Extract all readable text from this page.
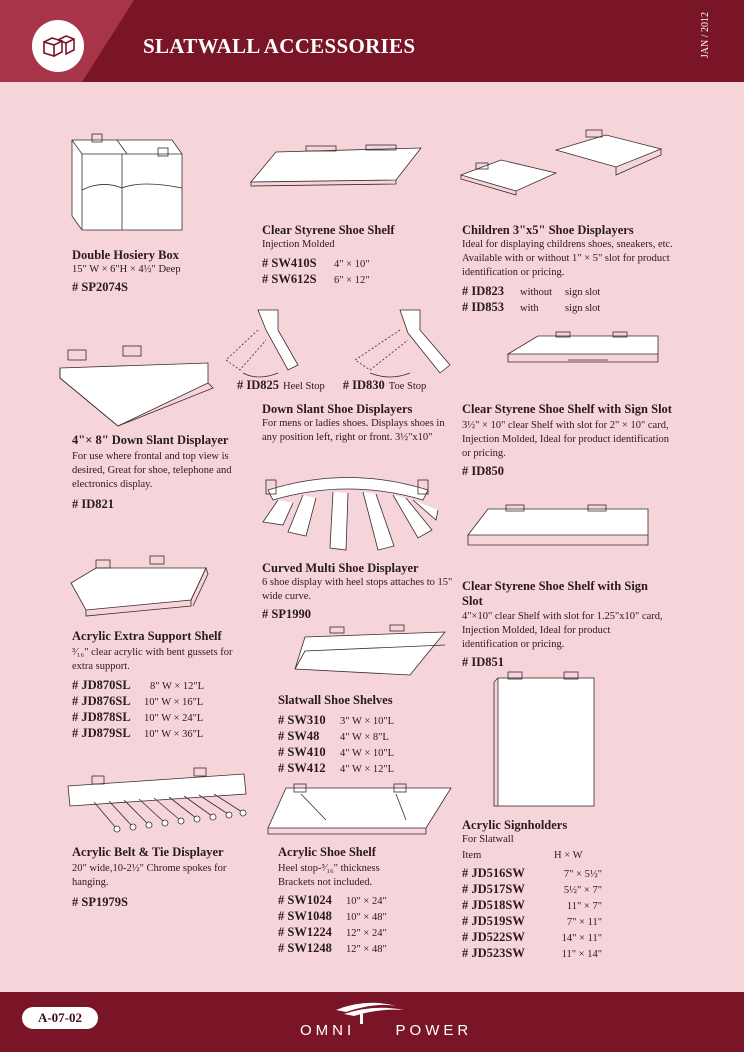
SLATWALL ACCESSORIES	JAN / 2012
Double Hosiery Box
15" W × 6"H × 4½" Deep
# SP2074S
Clear Styrene Shoe Shelf
Injection Molded
# SW410S 4" × 10"
# SW612S 6" × 12"
Children 3"x5" Shoe Displayers
Ideal for displaying childrens shoes, sneakers, etc. Available with or without 1" × 5" slot for product identification or pricing.
# ID823 without sign slot
# ID853 with	sign slot
# ID825 Heel Stop # ID830 Toe Stop
4"× 8" Down Slant Displayer
For use where frontal and top view is desired, Great for shoe, telephone and electronics display.
# ID821
Down Slant Shoe Displayers
For mens or ladies shoes. Displays shoes in any position left, right or front. 3½"x10"
Clear Styrene Shoe Shelf with Sign Slot
3½" × 10" clear Shelf with slot for 2" × 10" card, Injection Molded, Ideal for product identification or pricing.
# ID850
Curved Multi Shoe Displayer
6 shoe display with heel stops attaches to 15" wide curve.
# SP1990
Clear Styrene Shoe Shelf with Sign Slot
4"×10" clear Shelf with slot for 1.25"x10" card, Injection Molded, Ideal for product identification or pricing.
# ID851
Acrylic Extra Support Shelf
³⁄₁₆" clear acrylic with bent gussets for extra support.
# JD870SL 8" W × 12"L
# JD876SL 10" W × 16"L
# JD878SL 10" W × 24"L
# JD879SL 10" W × 36"L
Slatwall Shoe Shelves
# SW310 3" W × 10"L
# SW48 4" W × 8"L
# SW410 4" W × 10"L
# SW412 4" W × 12"L
Acrylic Belt & Tie Displayer
20" wide,10-2½" Chrome spokes for hanging.
# SP1979S
Acrylic Shoe Shelf
Heel stop-³⁄₁₆" thickness
Brackets not included.
# SW1024 10" × 24"
# SW1048 10" × 48"
# SW1224 12" × 24"
# SW1248 12" × 48"
Acrylic Signholders
For Slatwall
Item	H × W
# JD516SW	7" × 5½"
# JD517SW	5½" × 7"
# JD518SW	11" × 7"
# JD519SW	7" × 11"
# JD522SW	14" × 11"
# JD523SW	11" × 14"
A-07-02
OMNI	POWER
